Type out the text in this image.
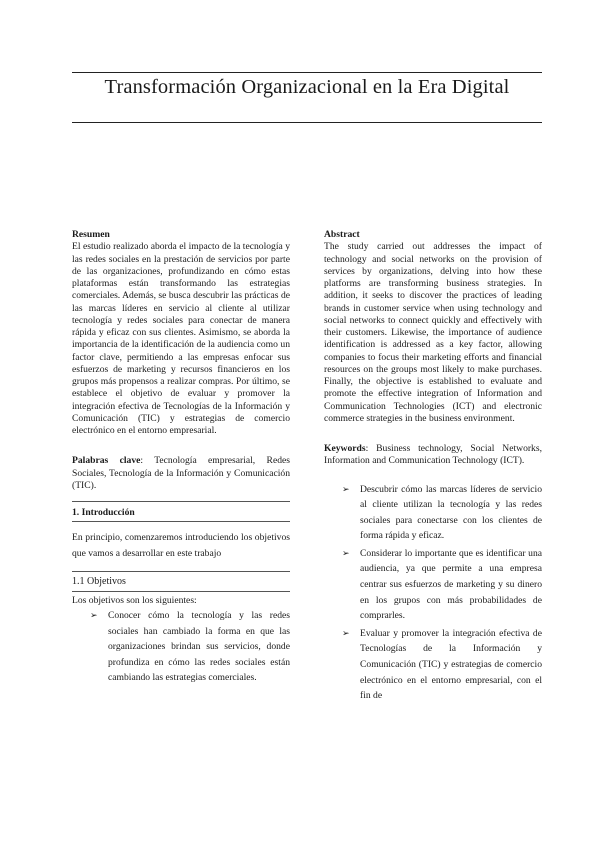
Transformación Organizacional en la Era Digital

Resumen

El estudio realizado aborda el impacto de la tecnología y las redes sociales en la prestación de servicios por parte de las organizaciones, profundizando en cómo estas plataformas están transformando las estrategias comerciales. Además, se busca descubrir las prácticas de las marcas líderes en servicio al cliente al utilizar tecnología y redes sociales para conectar de manera rápida y eficaz con sus clientes. Asimismo, se aborda la importancia de la identificación de la audiencia como un factor clave, permitiendo a las empresas enfocar sus esfuerzos de marketing y recursos financieros en los grupos más propensos a realizar compras. Por último, se establece el objetivo de evaluar y promover la integración efectiva de Tecnologías de la Información y Comunicación (TIC) y estrategias de comercio electrónico en el entorno empresarial.

Palabras clave: Tecnología empresarial, Redes Sociales, Tecnología de la Información y Comunicación (TIC).

1. Introducción

En principio, comenzaremos introduciendo los objetivos que vamos a desarrollar en este trabajo

1.1 Objetivos

Los objetivos son los siguientes:

➢ Conocer cómo la tecnología y las redes sociales han cambiado la forma en que las organizaciones brindan sus servicios, donde profundiza en cómo las redes sociales están cambiando las estrategias comerciales.

Abstract

The study carried out addresses the impact of technology and social networks on the provision of services by organizations, delving into how these platforms are transforming business strategies. In addition, it seeks to discover the practices of leading brands in customer service when using technology and social networks to connect quickly and effectively with their customers. Likewise, the importance of audience identification is addressed as a key factor, allowing companies to focus their marketing efforts and financial resources on the groups most likely to make purchases. Finally, the objective is established to evaluate and promote the effective integration of Information and Communication Technologies (ICT) and electronic commerce strategies in the business environment.

Keywords: Business technology, Social Networks, Information and Communication Technology (ICT).

➢ Descubrir cómo las marcas líderes de servicio al cliente utilizan la tecnología y las redes sociales para conectarse con los clientes de forma rápida y eficaz.
➢ Considerar lo importante que es identificar una audiencia, ya que permite a una empresa centrar sus esfuerzos de marketing y su dinero en los grupos con más probabilidades de comprarles.
➢ Evaluar y promover la integración efectiva de Tecnologías de la Información y Comunicación (TIC) y estrategias de comercio electrónico en el entorno empresarial, con el fin de
